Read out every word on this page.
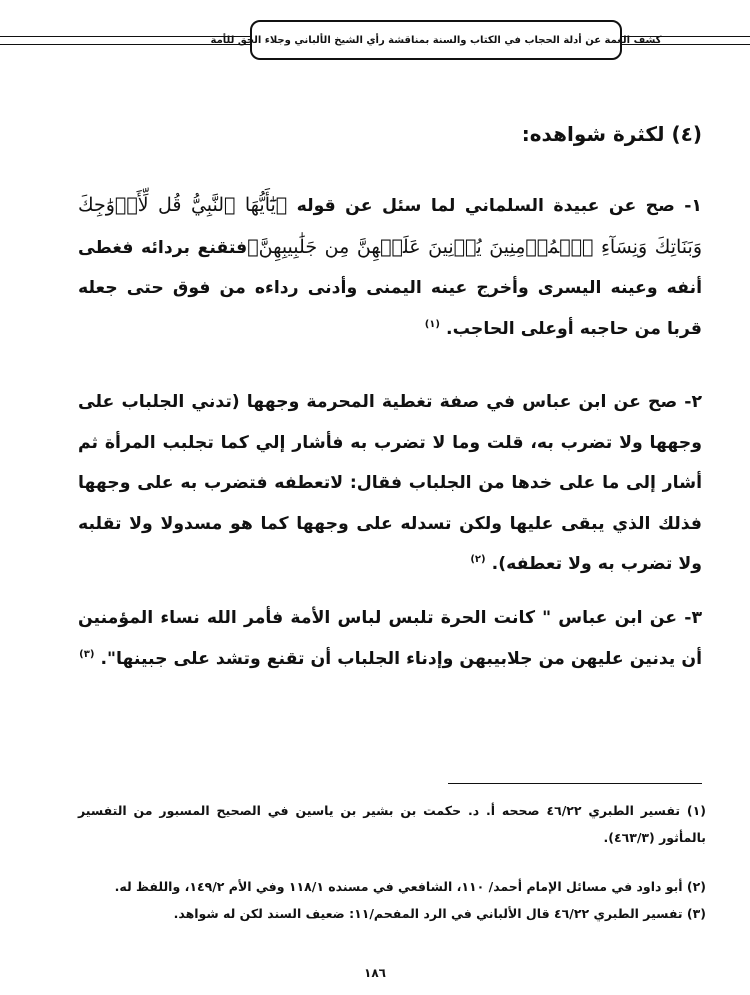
كشف الغمة عن أدلة الحجاب في الكتاب والسنة بمناقشة رأي الشيخ الألباني وجلاء الحق للأمة
(٤) لكثرة شواهده:
١- صح عن عبيدة السلماني لما سئل عن قوله ﴿يَٰٓأَيُّهَا ٱلنَّبِيُّ قُل لِّأَزۡوَٰجِكَ وَبَنَاتِكَ وَنِسَآءِ ٱلۡمُؤۡمِنِينَ يُدۡنِينَ عَلَيۡهِنَّ مِن جَلَٰبِيبِهِنَّ﴾فتقنع بردائه فغطى أنفه وعينه اليسرى وأخرج عينه اليمنى وأدنى رداءه من فوق حتى جعله قربا من حاجبه أوعلى الحاجب. $^{(١)}$
٢- صح عن ابن عباس في صفة تغطية المحرمة وجهها (تدني الجلباب على وجهها ولا تضرب به، قلت وما لا تضرب به فأشار إلي كما تجلبب المرأة ثم أشار إلى ما على خدها من الجلباب فقال: لاتعطفه فتضرب به على وجهها فذلك الذي يبقى عليها ولكن تسدله على وجهها كما هو مسدولا ولا تقلبه ولا تضرب به ولا تعطفه). $^{(٢)}$
٣- عن ابن عباس " كانت الحرة تلبس لباس الأمة فأمر الله نساء المؤمنين أن يدنين عليهن من جلابيبهن وإدناء الجلباب أن تقنع وتشد على جبينها". $^{(٣)}$
(١) تفسير الطبري ٤٦/٢٢ صححه أ. د. حكمت بن بشير بن ياسين في الصحيح المسبور من التفسير بالمأثور (٤٦٣/٣).
(٢) أبو داود في مسائل الإمام أحمد/ ١١٠، الشافعي في مسنده ١١٨/١ وفي الأم ١٤٩/٢، واللفظ له.
(٣) تفسير الطبري ٤٦/٢٢ قال الألباني في الرد المفحم/١١: ضعيف السند لكن له شواهد.
١٨٦
